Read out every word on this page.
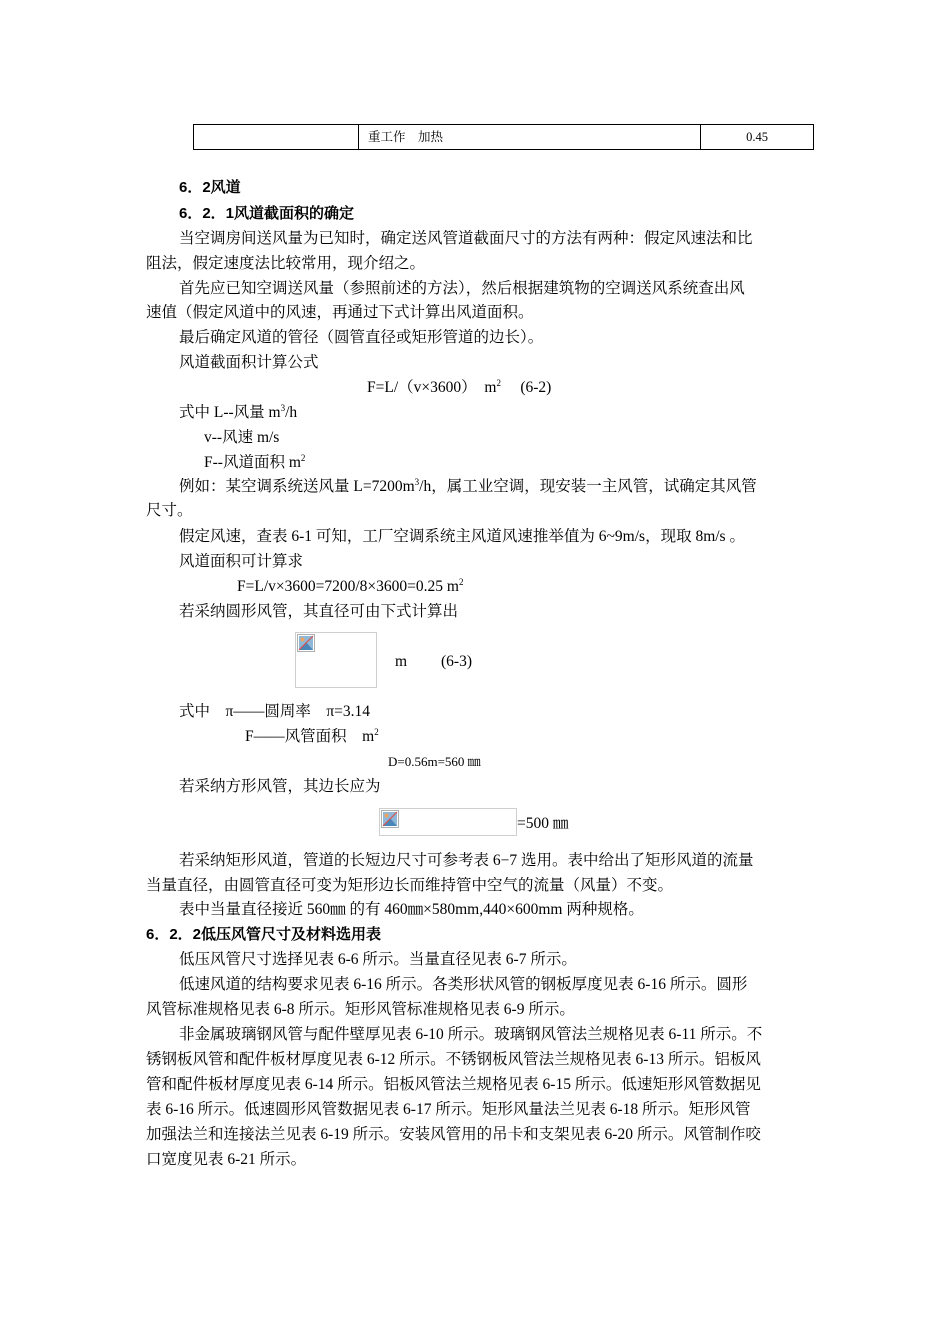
重工作　加热	0.45
6．2风道
6．2．1风道截面积的确定
当空调房间送风量为已知时，确定送风管道截面尺寸的方法有两种：假定风速法和比
阻法，假定速度法比较常用，现介绍之。
首先应已知空调送风量（参照前述的方法），然后根据建筑物的空调送风系统查出风
速值（假定风道中的风速，再通过下式计算出风道面积。
最后确定风道的管径（圆管直径或矩形管道的边长）。
风道截面积计算公式
F=L/（v×3600）　$m^2$　 (6-2)
式中 L--风量 $m^3/h$
v--风速 m/s
F--风道面积 $m^2$
例如：某空调系统送风量 $L=7200m^3/h$，属工业空调，现安装一主风管，试确定其风管
尺寸。
假定风速，查表 6-1 可知，工厂空调系统主风道风速推举值为 6~9m/s，现取 8m/s 。
风道面积可计算求
F=L/v×3600=7200/8×3600=0.25 $m^2$
若采纳圆形风管，其直径可由下式计算出
m (6-3)
式中　π——圆周率　π=3.14
F——风管面积　$m^2$
D=0.56m=560 ㎜
若采纳方形风管，其边长应为
=500 ㎜
若采纳矩形风道，管道的长短边尺寸可参考表 6−7 选用。表中给出了矩形风道的流量
当量直径，由圆管直径可变为矩形边长而维持管中空气的流量（风量）不变。
表中当量直径接近 560㎜ 的有 460㎜×580mm,440×600mm 两种规格。
6．2．2低压风管尺寸及材料选用表
低压风管尺寸选择见表 6-6 所示。当量直径见表 6-7 所示。
低速风道的结构要求见表 6-16 所示。各类形状风管的钢板厚度见表 6-16 所示。圆形
风管标准规格见表 6-8 所示。矩形风管标准规格见表 6-9 所示。
非金属玻璃钢风管与配件壁厚见表 6-10 所示。玻璃钢风管法兰规格见表 6-11 所示。不
锈钢板风管和配件板材厚度见表 6-12 所示。不锈钢板风管法兰规格见表 6-13 所示。铝板风
管和配件板材厚度见表 6-14 所示。铝板风管法兰规格见表 6-15 所示。低速矩形风管数据见
表 6-16 所示。低速圆形风管数据见表 6-17 所示。矩形风量法兰见表 6-18 所示。矩形风管
加强法兰和连接法兰见表 6-19 所示。安装风管用的吊卡和支架见表 6-20 所示。风管制作咬
口宽度见表 6-21 所示。
